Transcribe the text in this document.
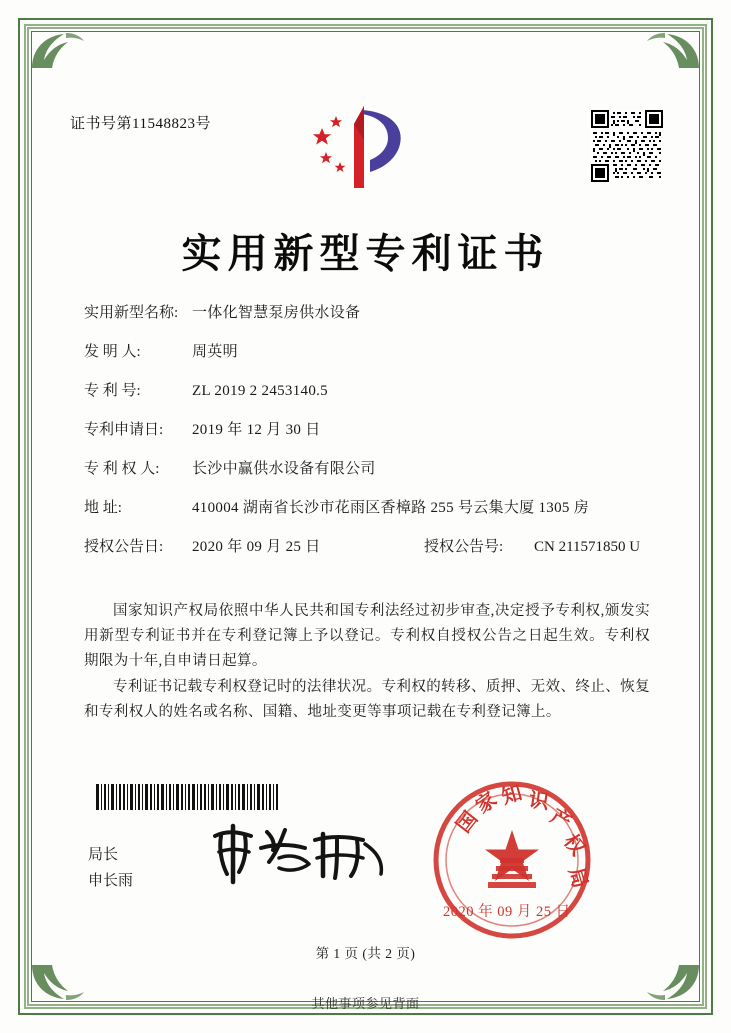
证书号第11548823号
实用新型专利证书
实用新型名称: 一体化智慧泵房供水设备
发 明 人:	周英明
专 利 号:	ZL 2019 2 2453140.5
专利申请日:	2019 年 12 月 30 日
专 利 权 人:	长沙中赢供水设备有限公司
地 址:	410004 湖南省长沙市花雨区香樟路 255 号云集大厦 1305 房
授权公告日:	2020 年 09 月 25 日	授权公告号:	CN 211571850 U

国家知识产权局依照中华人民共和国专利法经过初步审查,决定授予专利权,颁发实用新型专利证书并在专利登记簿上予以登记。专利权自授权公告之日起生效。专利权期限为十年,自申请日起算。

专利证书记载专利权登记时的法律状况。专利权的转移、质押、无效、终止、恢复和专利权人的姓名或名称、国籍、地址变更等事项记载在专利登记簿上。

局长
申长雨
国
家
知 识
产
权
局
2020 年 09 月 25 日
第 1 页 (共 2 页)
其他事项参见背面
